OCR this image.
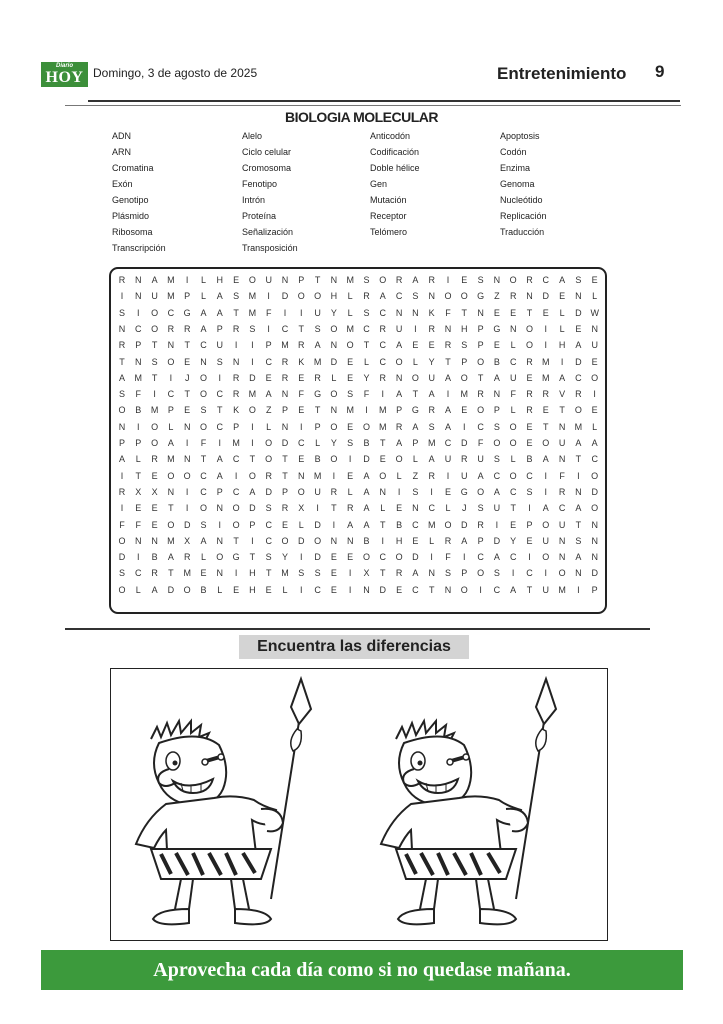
Diario
HOY Domingo, 3 de agosto de 2025	Entretenimiento 9
BIOLOGIA MOLECULAR
ADN	Alelo	Anticodón	Apoptosis
ARN	Ciclo celular	Codificación	Codón
Cromatina	Cromosoma	Doble hélice	Enzima
Exón	Fenotipo	Gen	Genoma
Genotipo	Intrón	Mutación	Nucleótido
Plásmido	Proteína	Receptor	Replicación
Ribosoma	Señalización	Telómero	Traducción
Transcripción	Transposición
R	N	A	M	I	L	H	E	O	U	N	P	T	N	M	S	O	R	A	R	I	E	S	N	O	R	C	A	S	E
I	N	U	M	P	L	A	S	M	I	D	O	O	H	L	R	A	C	S	N	O	O	G	Z	R	N	D	E	N	L
S	I	O	C	G	A	A	T	M	F	I	I	U	Y	L	S	C	N	N	K	F	T	N	E	E	T	E	L	D W
N	C	O	R	R	A	P	R	S	I	C	T	S	O	M	C	R	U	I	R	N	H	P	G	N	O	I	L	E	N
R	P	T	N	T	C	U	I	I	P	M	R	A	N	O	T	C	A	E	E	R	S	P	E	L	O	I	H	A	U
T	N	S	O	E	N	S	N	I	C	R	K	M	D	E	L	C	O	L	Y	T	P	O	B	C	R	M	I	D	E
A	M	T	I	J	O	I	R	D	E	R	E	R	L	E	Y	R	N	O	U	A	O	T	A	U	E	M	A	C	O
S	F	I	C	T	O	C	R	M	A	N	F	G	O	S	F	I	A	T	A	I	M	R	N	F	R	R	V	R	I
O	B	M	P	E	S	T	K	O	Z	P	E	T	N	M	I	M	P	G	R	A	E	O	P	L	R	E	T	O	E
N	I	O	L	N	O	C	P	I	L	N	I	P	O	E	O	M	R	A	S	A	I	C	S	O	E	T	N	M	L
P	P	O	A	I	F	I	M	I	O	D	C	L	Y	S	B	T	A	P	M	C	D	F	O	O	E	O	U	A	A
A	L	R	M	N	T	A	C	T	O	T	E	B	O	I	D	E	O	L	A	U	R	U	S	L	B	A	N	T	C
I	T	E	O	O	C	A	I	O	R	T	N	M	I	E	A	O	L	Z	R	I	U	A	C	O	C	I	F	I	O
R	X	X	N	I	C	P	C	A	D	P	O	U	R	L	A	N	I	S	I	E	G	O	A	C	S	I	R	N	D
I	E	E	T	I	O	N	O	D	S	R	X	I	T	R	A	L	E	N	C	L	J	S	U	T	I	A	C	A	O
F	F	E	O	D	S	I	O	P	C	E	L	D	I	A	A	T	B	C	M	O	D	R	I	E	P	O	U	T	N
O	N	N	M	X	A	N	T	I	C	O	D	O	N	N	B	I	H	E	L	R	A	P	D	Y	E	U	N	S	N
D	I	B	A	R	L	O	G	T	S	Y	I	D	E	E	O	C	O	D	I	F	I	C	A	C	I	O	N	A	N
S	C	R	T	M	E	N	I	H	T	M	S	S	E	I	X	T	R	A	N	S	P	O	S	I	C	I	O	N	D
O	L	A	D	O	B	L	E	H	E	L	I	C	E	I	N	D	E	C	T	N	O	I	C	A	T	U	M	I	P
Encuentra las diferencias
Aprovecha cada día como si no quedase mañana.
